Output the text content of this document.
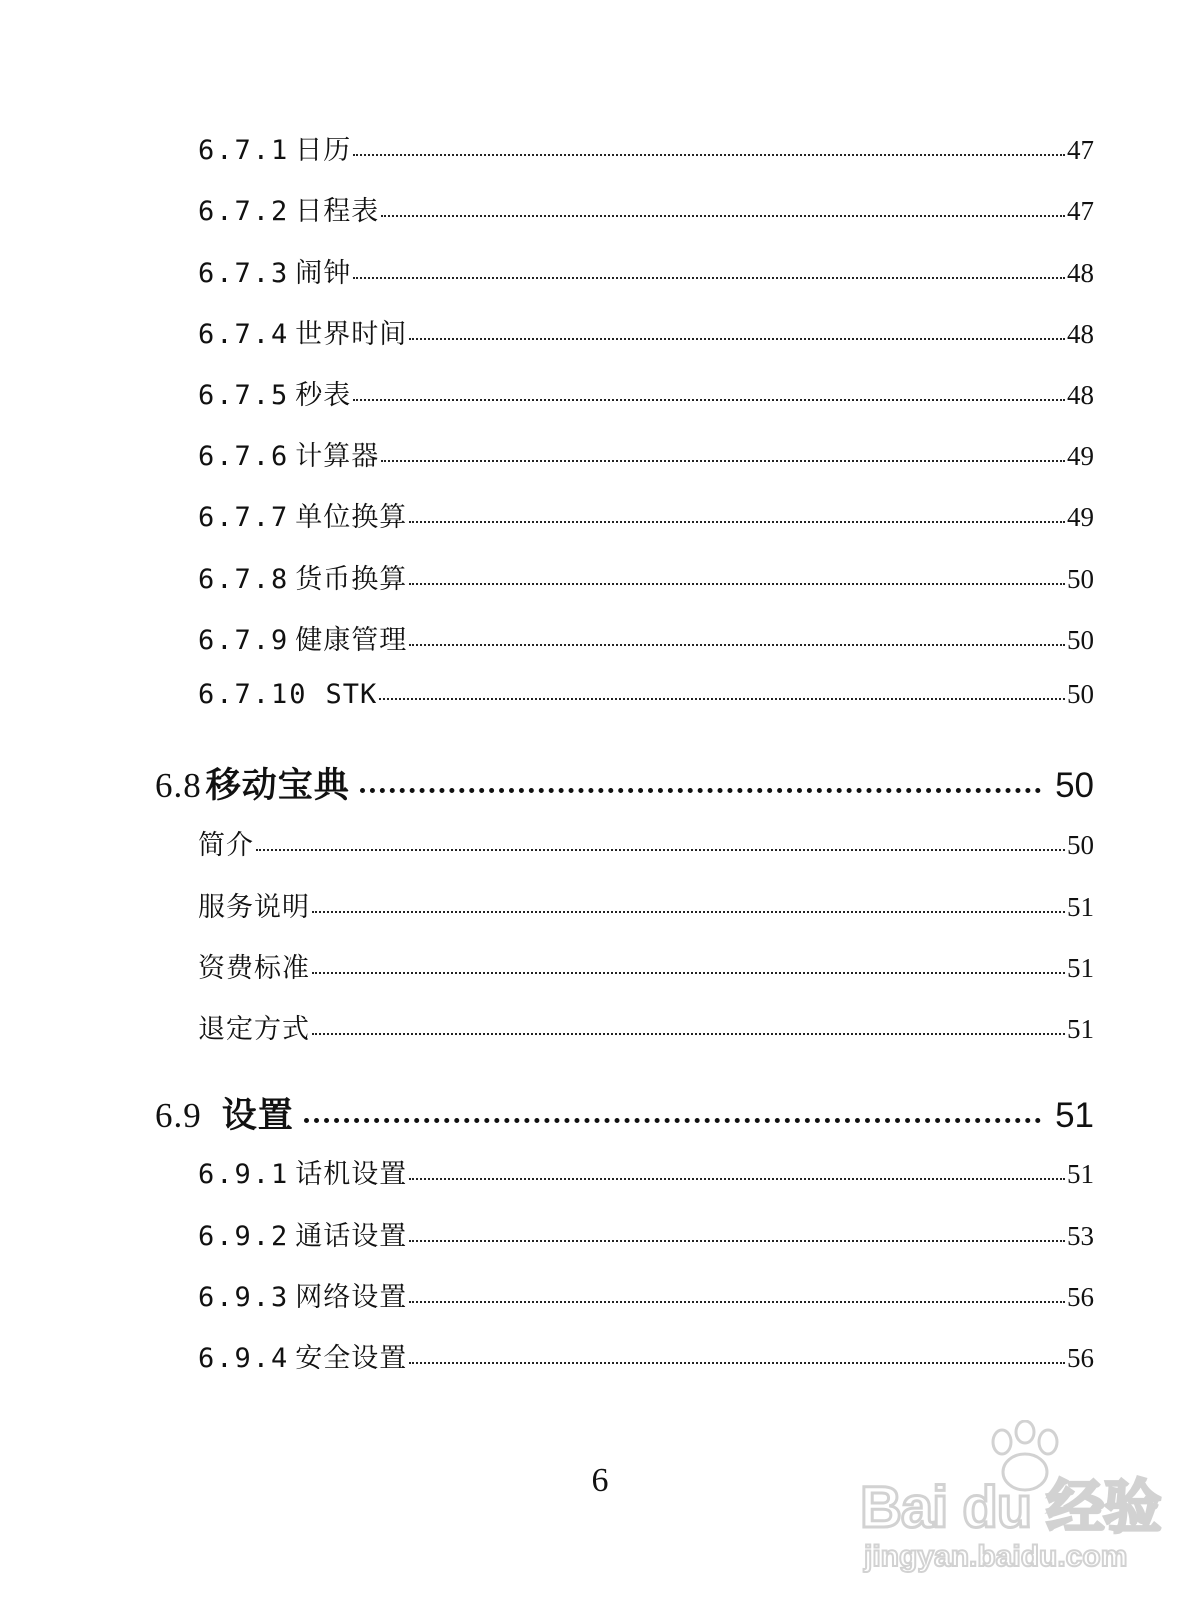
6.7.1 日历	47
6.7.2 日程表	47
6.7.3 闹钟	48
6.7.4 世界时间	48
6.7.5 秒表	48
6.7.6 计算器	49
6.7.7 单位换算	49
6.7.8 货币换算	50
6.7.9 健康管理	50
6.7.10 STK	50
6.8 移动宝典	50
简介	50
服务说明	51
资费标准	51
退定方式	51
6.9 设置	51
6.9.1 话机设置	51
6.9.2 通话设置	53
6.9.3 网络设置	56
6.9.4 安全设置	56
6	Bai du 经验
jingyan.baidu.com
